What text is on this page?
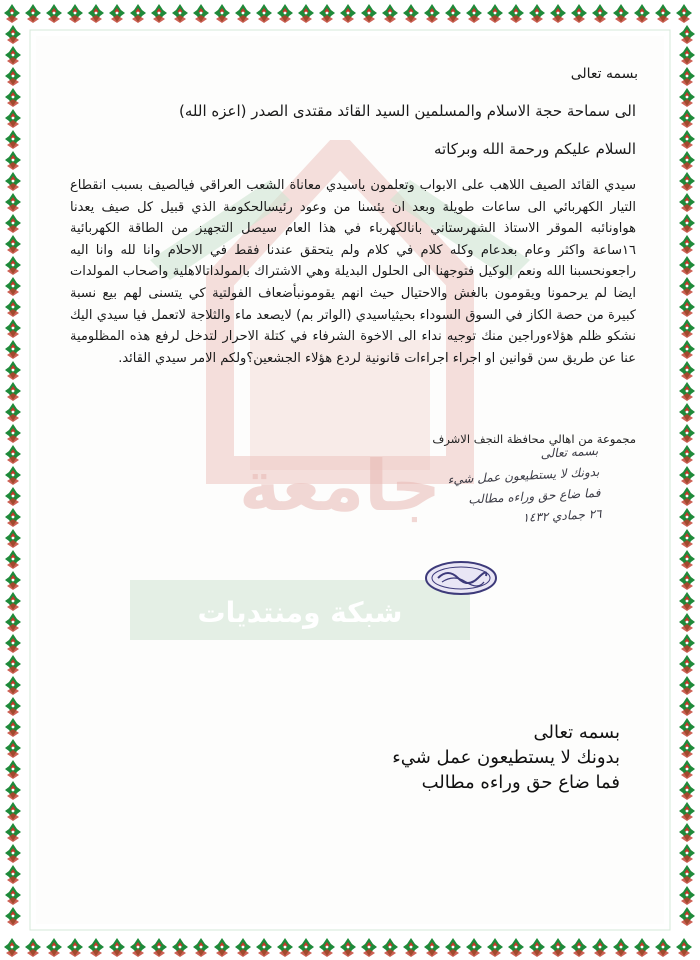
جامعة
شبكة ومنتديات
بسمه تعالى
الى سماحة حجة الاسلام والمسلمين السيد القائد مقتدى الصدر (اعزه الله)
السلام عليكم ورحمة الله وبركاته

سيدي القائد الصيف اللاهب على الابواب وتعلمون ياسيدي معاناة الشعب العراقي فيالصيف بسبب انقطاع التيار الكهربائي الى ساعات طويلة وبعد ان يئسنا من وعود رئيسالحكومة الذي قبيل كل صيف يعدنا هواونائبه الموقر الاستاذ الشهرستاني بانالكهرباء في هذا العام سيصل التجهيز من الطاقة الكهربائية ١٦ساعة واكثر وعام بعدعام وكله كلام في كلام ولم يتحقق عندنا فقط في الاحلام وانا لله وانا اليه راجعونحسبنا الله ونعم الوكيل فتوجهنا الى الحلول البديلة وهي الاشتراك بالمولداتالاهلية واصحاب المولدات ايضا لم يرحمونا ويقومون بالغش والاحتيال حيث انهم يقومونبأضعاف الفولتية كي يتسنى لهم بيع نسبة كبيرة من حصة الكاز في السوق السوداء بحيثياسيدي (الواتر بم) لايصعد ماء والثلاجة لاتعمل فيا سيدي اليك نشكو ظلم هؤلاءوراجين منك توجيه نداء الى الاخوة الشرفاء في كتلة الاحرار لتدخل لرفع هذه المظلومية عنا عن طريق سن قوانين او اجراء اجراءات قانونية لردع هؤلاء الجشعين؟ولكم الامر سيدي القائد.

مجموعة من اهالي محافظة النجف الاشرف
بسمه تعالى
بدونك لا يستطيعون عمل شيء
فما ضاع حق وراءه مطالب
٢٦ جمادي ١٤٣٢
بسمه تعالى
بدونك لا يستطيعون عمل شيء
فما ضاع حق وراءه مطالب
